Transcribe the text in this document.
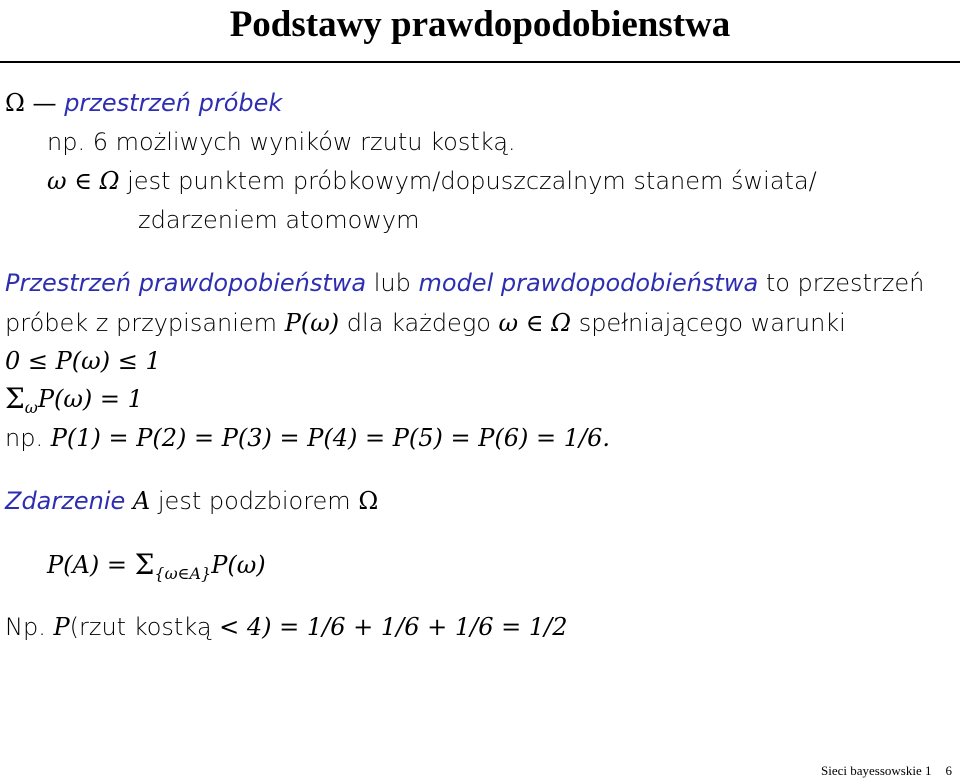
Podstawy prawdopodobienstwa
Ω — przestrzeń próbek
np. 6 możliwych wyników rzutu kostką.
ω ∈ Ω jest punktem próbkowym/dopuszczalnym stanem świata/
zdarzeniem atomowym
Przestrzeń prawdopobieństwa lub model prawdopodobieństwa to przestrzeń
próbek z przypisaniem P(ω) dla każdego ω ∈ Ω spełniającego warunki
0 ≤ P(ω) ≤ 1
$\Sigma_\omega P(\omega) = 1$
np. P(1) = P(2) = P(3) = P(4) = P(5) = P(6) = 1/6.
Zdarzenie A jest podzbiorem Ω
$P(A) = \Sigma_{\{\omega\in A\}}P(\omega)$
Np. P(rzut kostką < 4) = 1/6 + 1/6 + 1/6 = 1/2
Sieci bayessowskie 1 6
